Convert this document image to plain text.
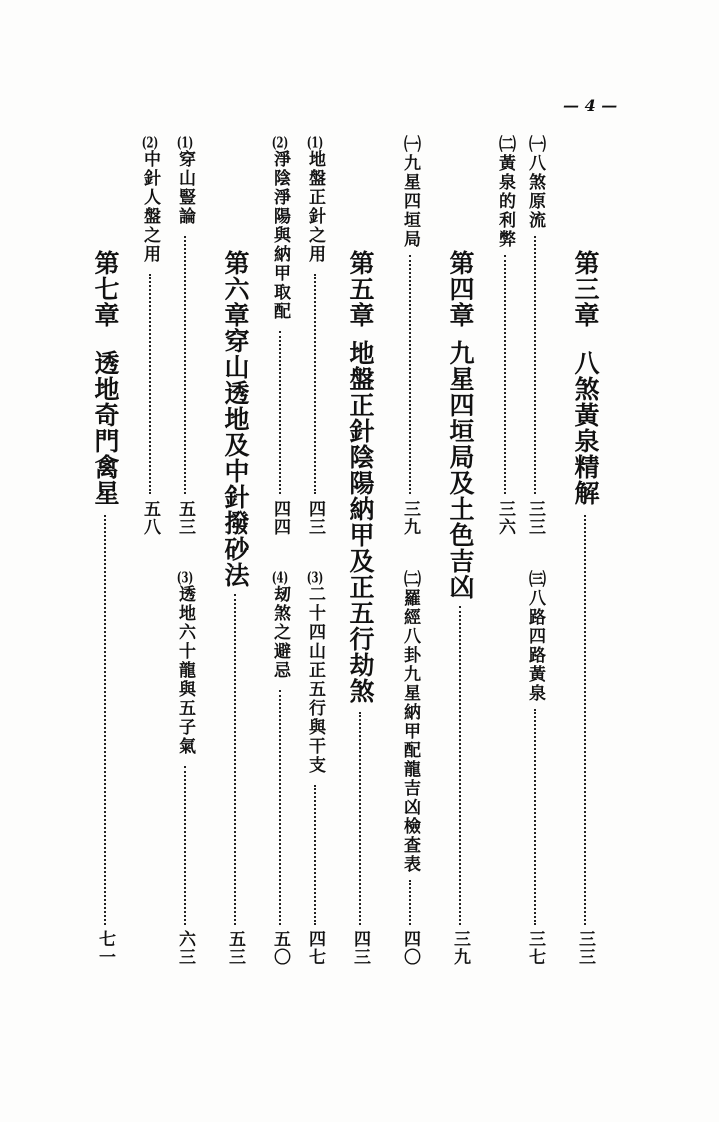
— 4 —
第三章
八煞黃泉精解
三三
㈠八煞原流
三三
㈡黃泉的利弊
三六
㈢八路四路黃泉
三七
第四章
九星四垣局及土色吉凶
三九
㈠九星四垣局
三九
㈡羅經八卦九星納甲配龍吉凶檢查表
四〇
第五章
地盤正針陰陽納甲及正五行劫煞
四三
(1)地盤正針之用
四三
(2)淨陰淨陽與納甲取配
四四
(3)二十四山正五行與干支
四七
(4)刼煞之避忌
五〇
第六章
穿山透地及中針撥砂法
五三
(1)穿山豎論
五三
(2)中針人盤之用
五八
(3)透地六十龍與五子氣
六三
第七章
透地奇門禽星
七一
